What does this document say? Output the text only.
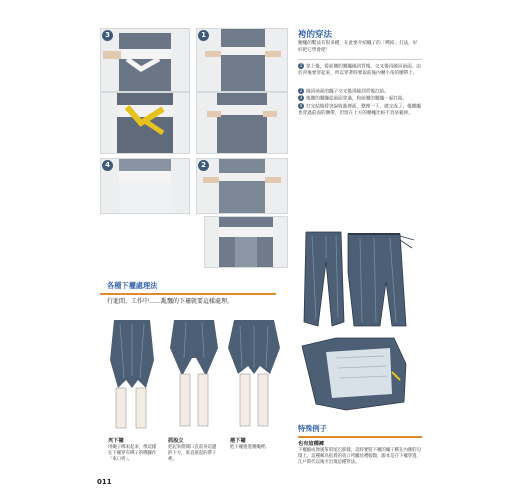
3	1
4	2
袴的穿法
腰繩的繫法有很多種，在此要介紹繩子的「綁結」打法，好好把它學會吧！
1 穿上後，將前腰的腰繩繞到背後，交叉後再繞回前面。由於背後要穿起來，所以穿著時要取前後內腰小角的腰帶上。
2 繞回前面的繩子交叉後再繞到背後打結。
3 後腰的腰繩從前面穿過，和前腰的腰繩一起打結。
4 打完結後將突起收進裡面，整理一下，就完成了。後腰繩也穿過前面的腰帶，但留在上方的腰繩比較不容易鬆掉。
各種下襬處理法
行進間、工作中……亂飄的下襬就要這樣處理。
夾下襬
用繩子綁束起來，像這樣在下襬穿有綁子的綁腳作「束口袴」。
抓股立
把起來側開口直前身這邊的下方，垂直捲起的帶子裡。
捲下襬
把下襬捲進腰繩裡。
特殊例子
也有這種褲
下襬縮成像風筝的尾巴那樣，這時要將下襬的繩子綁在內側的勾環上，這種稱為指貫的束口袴屬於禮服類，跟本是在下襬穿過，江戶時代以後才出現這種穿法。
011
